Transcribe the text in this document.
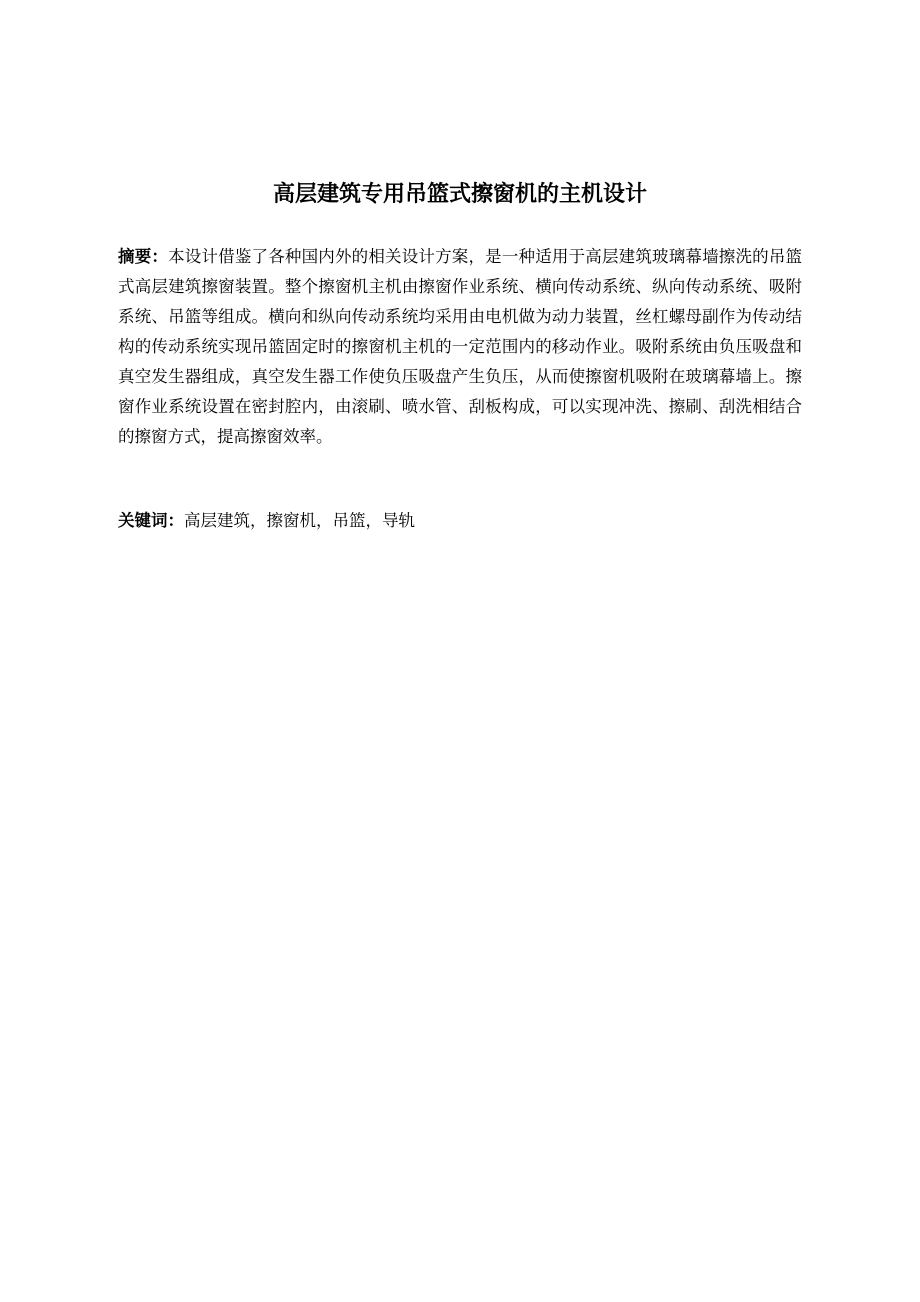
高层建筑专用吊篮式擦窗机的主机设计

摘要：本设计借鉴了各种国内外的相关设计方案，是一种适用于高层建筑玻璃幕墙擦洗的吊篮式高层建筑擦窗装置。整个擦窗机主机由擦窗作业系统、横向传动系统、纵向传动系统、吸附系统、吊篮等组成。横向和纵向传动系统均采用由电机做为动力装置，丝杠螺母副作为传动结构的传动系统实现吊篮固定时的擦窗机主机的一定范围内的移动作业。吸附系统由负压吸盘和真空发生器组成，真空发生器工作使负压吸盘产生负压，从而使擦窗机吸附在玻璃幕墙上。擦窗作业系统设置在密封腔内，由滚刷、喷水管、刮板构成，可以实现冲洗、擦刷、刮洗相结合的擦窗方式，提高擦窗效率。

关键词：高层建筑，擦窗机，吊篮，导轨
